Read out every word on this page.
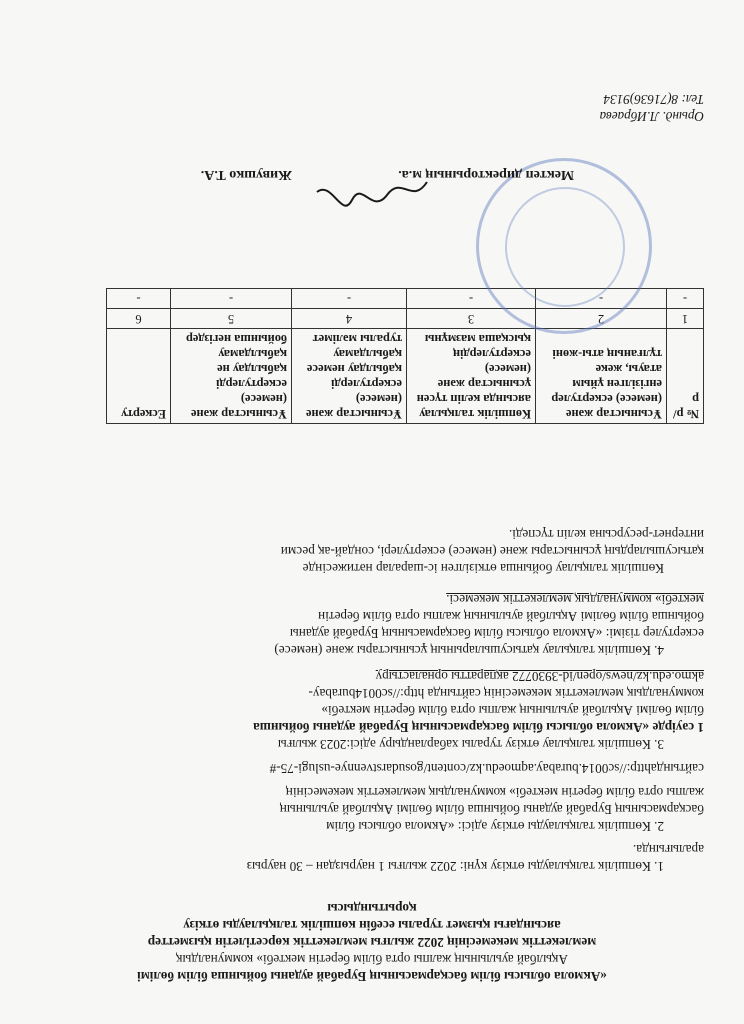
«Акмола облысы білім басқармасының Бурабай ауданы бойынша білім бөлімі
Ақылбай ауылының жалпы орта білім беретін мектебі» коммуналдық
мемлекеттік мекемесінің 2022 жылғы мемлекеттік көрсетілетін қызметтер
аясындағы қызмет туралы есебін көпшілік талқылауды өткізу
қорытындысы
1. Көпшілік талқылауды өткізу күні: 2022 жылғы 1 наурыздан – 30 наурыз
аралығында.
2. Көпшілік талқылауды өткізу әдісі: «Акмола облысы білім
басқармасының Бурабай ауданы бойынша білім бөлімі Ақылбай ауылының
жалпы орта білім беретін мектебі» коммуналдық мемлекеттік мекемесінің
сайтындаhttp://sc0014.burabay.aqmoedu.kz/content/gosudarstvennye-uslugi-75-#
3. Көпшілік талқылау өткізу туралы хабарландыру әдісі:2023 жылғы
1 сәуірде «Акмола облысы білім басқармасының Бурабай ауданы бойынша
білім бөлімі Ақылбай ауылының жалпы орта білім беретін мектебі»
коммуналдық мемлекеттік мекемесінің сайтында http://sc0014burabay-
akmo.edu.kz/news/open/id-3930772 ақпаратты орналастыру
4. Көпшілік талқылау қатысушыларының ұсыныстары және (немесе)
ескертулер тізімі: «Акмола облысы білім басқармасының Бурабай ауданы
бойынша білім бөлімі Ақылбай ауылының жалпы орта білім беретін
мектебі» коммуналдық мемлекеттік мекемесі.
Көпшілік талқылау бойынша өткізілген іс-шаралар нәтижесінде
қатысушылардың ұсыныстары және (немесе) ескертулері, сондай-ақ ресми
интернет-ресурсына келіп түспеді.
№ р/р	Ұсыныстар және (немесе) ескертулер енгізілген ұйым атауы, жеке тұлғаның аты-жөні	Көпшілік талқылау аясында келіп түсен ұсыныстар және (немесе) ескертулердің қысқаша мазмұны	Ұсыныстар және (немесе) ескертулерді қабылдау немесе қабылдамау туралы мәлімет	Ұсыныстар және (немесе) ескертулерді қабылдау не қабылдамау бойынша негіздер	Ескерту
1	2	3	4	5	6
-	-	-	-	-	-
Мектеп директорының м.а.
Живушко Т.А.
Орынд. Л.Ибраева
Тел: 8(71636)9134
